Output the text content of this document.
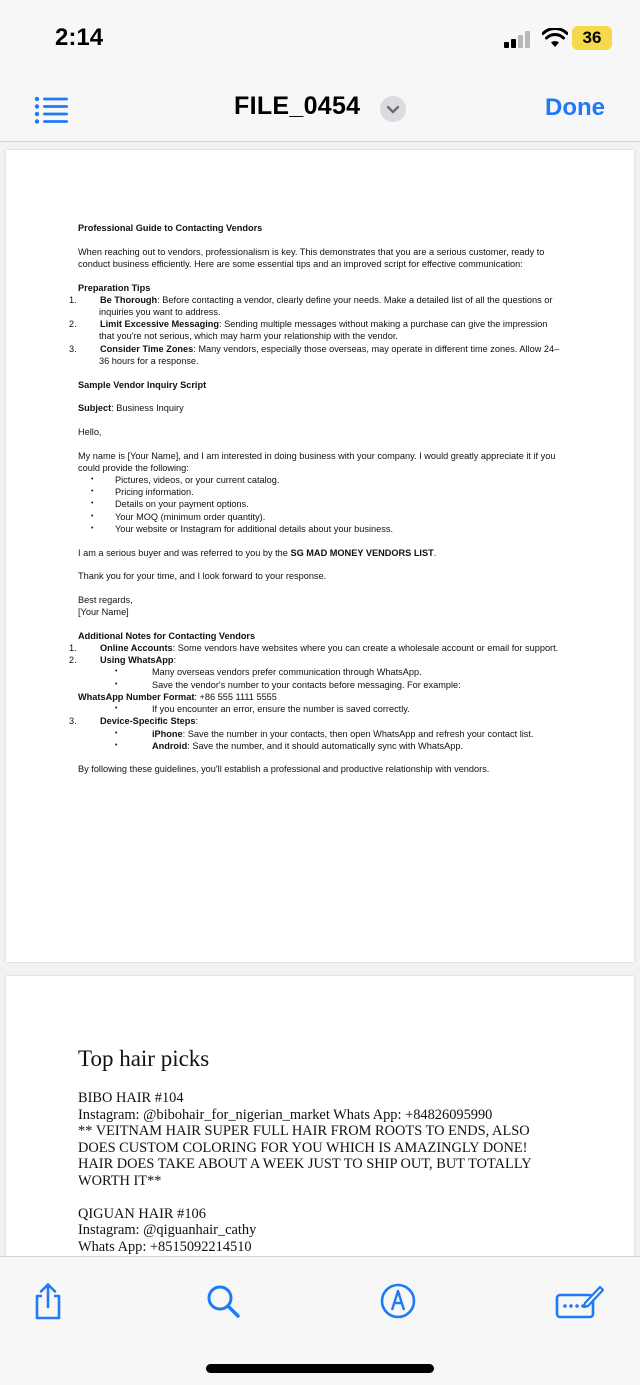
2:14	36
FILE_0454	Done

Professional Guide to Contacting Vendors

When reaching out to vendors, professionalism is key. This demonstrates that you are a serious customer, ready to conduct business efficiently. Here are some essential tips and an improved script for effective communication:

Preparation Tips

1.	Be Thorough: Before contacting a vendor, clearly define your needs. Make a detailed list of all the questions or inquiries you want to address.

2.	Limit Excessive Messaging: Sending multiple messages without making a purchase can give the impression that you're not serious, which may harm your relationship with the vendor.

3.	Consider Time Zones: Many vendors, especially those overseas, may operate in different time zones. Allow 24–36 hours for a response.

Sample Vendor Inquiry Script

Subject: Business Inquiry

Hello,

My name is [Your Name], and I am interested in doing business with your company. I would greatly appreciate it if you could provide the following:

• Pictures, videos, or your current catalog.

• Pricing information.

• Details on your payment options.

• Your MOQ (minimum order quantity).

• Your website or Instagram for additional details about your business.

I am a serious buyer and was referred to you by the SG MAD MONEY VENDORS LIST.

Thank you for your time, and I look forward to your response.

Best regards,

[Your Name]

Additional Notes for Contacting Vendors

1.	Online Accounts: Some vendors have websites where you can create a wholesale account or email for support.

2.	Using WhatsApp:

• Many overseas vendors prefer communication through WhatsApp.

• Save the vendor's number to your contacts before messaging. For example:

WhatsApp Number Format: +86 555 1111 5555

• If you encounter an error, ensure the number is saved correctly.

3.	Device-Specific Steps:

• iPhone: Save the number in your contacts, then open WhatsApp and refresh your contact list.

• Android: Save the number, and it should automatically sync with WhatsApp.

By following these guidelines, you'll establish a professional and productive relationship with vendors.

Top hair picks
BIBO HAIR #104
Instagram: @bibohair_for_nigerian_market Whats App: +84826095990
** VEITNAM HAIR SUPER FULL HAIR FROM ROOTS TO ENDS, ALSO DOES CUSTOM COLORING FOR YOU WHICH IS AMAZINGLY DONE! HAIR DOES TAKE ABOUT A WEEK JUST TO SHIP OUT, BUT TOTALLY WORTH IT**
QIGUAN HAIR #106
Instagram: @qiguanhair_cathy
Whats App: +8515092214510
